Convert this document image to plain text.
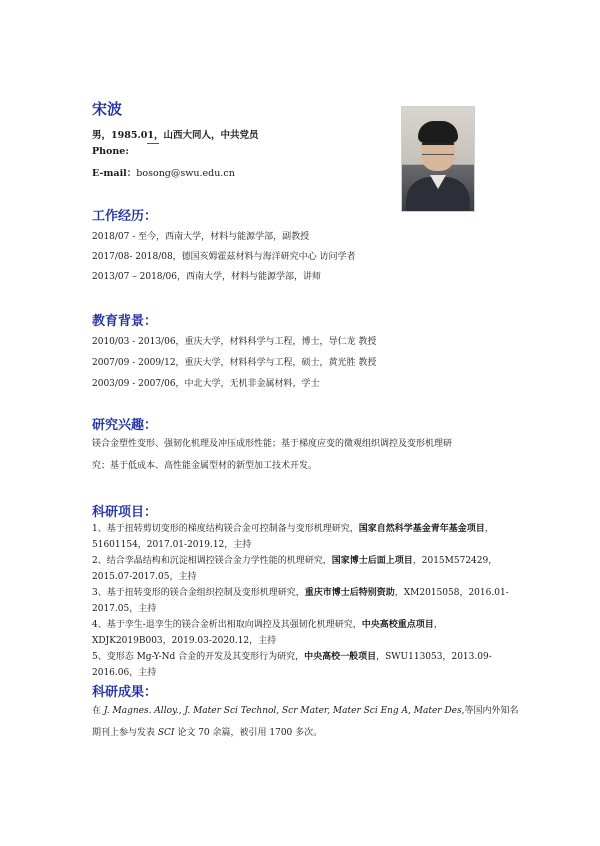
宋波
男，1985.01，山西大同人，中共党员
Phone:
E-mail：bosong@swu.edu.cn
工作经历：
2018/07 - 至今，西南大学，材料与能源学部，副教授
2017/08- 2018/08，德国亥姆霍兹材料与海洋研究中心 访问学者
2013/07 – 2018/06，西南大学，材料与能源学部，讲师
教育背景：
2010/03 - 2013/06，重庆大学，材料科学与工程，博士，导仁龙 教授
2007/09 - 2009/12，重庆大学，材料科学与工程，硕士，黄光胜 教授
2003/09 - 2007/06，中北大学，无机非金属材料，学士
研究兴趣：
镁合金塑性变形、强韧化机理及冲压成形性能；基于梯度应变的微观组织调控及变形机理研
究；基于低成本、高性能金属型材的新型加工技术开发。
科研项目：
1、基于扭转剪切变形的梯度结构镁合金可控制备与变形机理研究，国家自然科学基金青年基金项目，51601154，2017.01-2019.12，主持
2、结合孪晶结构和沉淀相调控镁合金力学性能的机理研究，国家博士后面上项目，2015M572429，2015.07-2017.05，主持
3、基于扭转变形的镁合金组织控制及变形机理研究，重庆市博士后特别资助，XM2015058，2016.01-2017.05，主持
4、基于孪生-退孪生的镁合金析出相取向调控及其强韧化机理研究，中央高校重点项目，XDJK2019B003，2019.03-2020.12，主持
5、变形态 Mg-Y-Nd 合金的开发及其变形行为研究，中央高校一般项目，SWU113053，2013.09-2016.06，主持
科研成果：
在 J. Magnes. Alloy., J. Mater Sci Technol, Scr Mater, Mater Sci Eng A, Mater Des,等国内外知名期刊上参与发表 SCI 论文 70 余篇，被引用 1700 多次。
